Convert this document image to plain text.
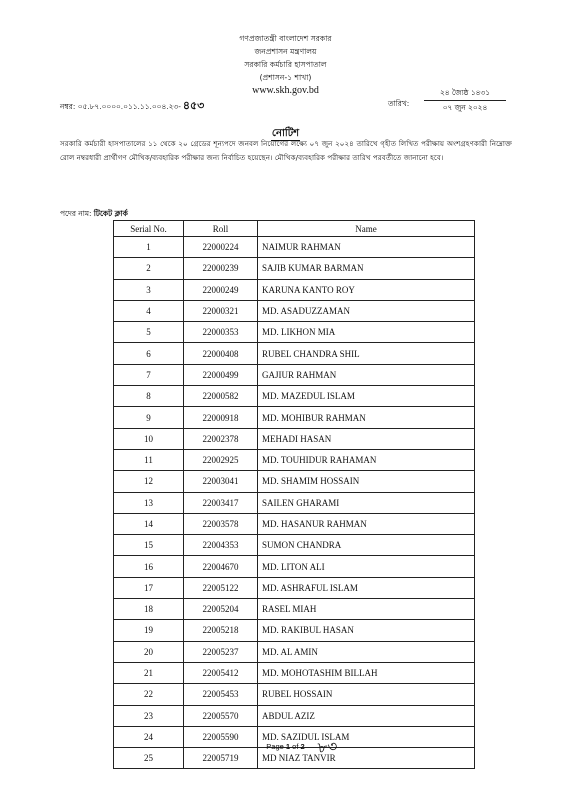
গণপ্রজাতন্ত্রী বাংলাদেশ সরকার
জনপ্রশাসন মন্ত্রণালয়
সরকারি কর্মচারি হাসপাতাল
(প্রশাসন-১ শাখা)
www.skh.gov.bd
নম্বর: ০৫.৮৭.০০০০.০১১.১১.০০৪.২৩- ৪৫৩	তারিখ:
২৪ জ্যৈষ্ঠ ১৪৩১
০৭ জুন ২০২৪
নোটিশ
সরকারি কর্মচারী হাসপাতালের ১১ থেকে ২০ গ্রেডের শূন্যপদে জনবল নিয়োগের লক্ষ্যে ০৭ জুন ২০২৪ তারিখে গৃহীত লিখিত পরীক্ষায় অংশগ্রহণকারী নিম্নোক্ত রোল নম্বরধারী প্রার্থীগণ মৌখিক/ব্যবহারিক পরীক্ষার জন্য নির্বাচিত হয়েছেন। মৌখিক/ব্যবহারিক পরীক্ষার তারিখ পরবর্তীতে জানানো হবে।
পদের নাম: টিকেট ক্লার্ক
Serial No.	Roll	Name
1	22000224	NAIMUR RAHMAN
2	22000239	SAJIB KUMAR BARMAN
3	22000249	KARUNA KANTO ROY
4	22000321	MD. ASADUZZAMAN
5	22000353	MD. LIKHON MIA
6	22000408	RUBEL CHANDRA SHIL
7	22000499	GAJIUR RAHMAN
8	22000582	MD. MAZEDUL ISLAM
9	22000918	MD. MOHIBUR RAHMAN
10	22002378	MEHADI HASAN
11	22002925	MD. TOUHIDUR RAHAMAN
12	22003041	MD. SHAMIM HOSSAIN
13	22003417	SAILEN GHARAMI
14	22003578	MD. HASANUR RAHMAN
15	22004353	SUMON CHANDRA
16	22004670	MD. LITON ALI
17	22005122	MD. ASHRAFUL ISLAM
18	22005204	RASEL MIAH
19	22005218	MD. RAKIBUL HASAN
20	22005237	MD. AL AMIN
21	22005412	MD. MOHOTASHIM BILLAH
22	22005453	RUBEL HOSSAIN
23	22005570	ABDUL AZIZ
24	22005590	MD. SAZIDUL ISLAM
25	22005719	MD NIAZ TANVIR
Page 1 of 2 ৮৩
